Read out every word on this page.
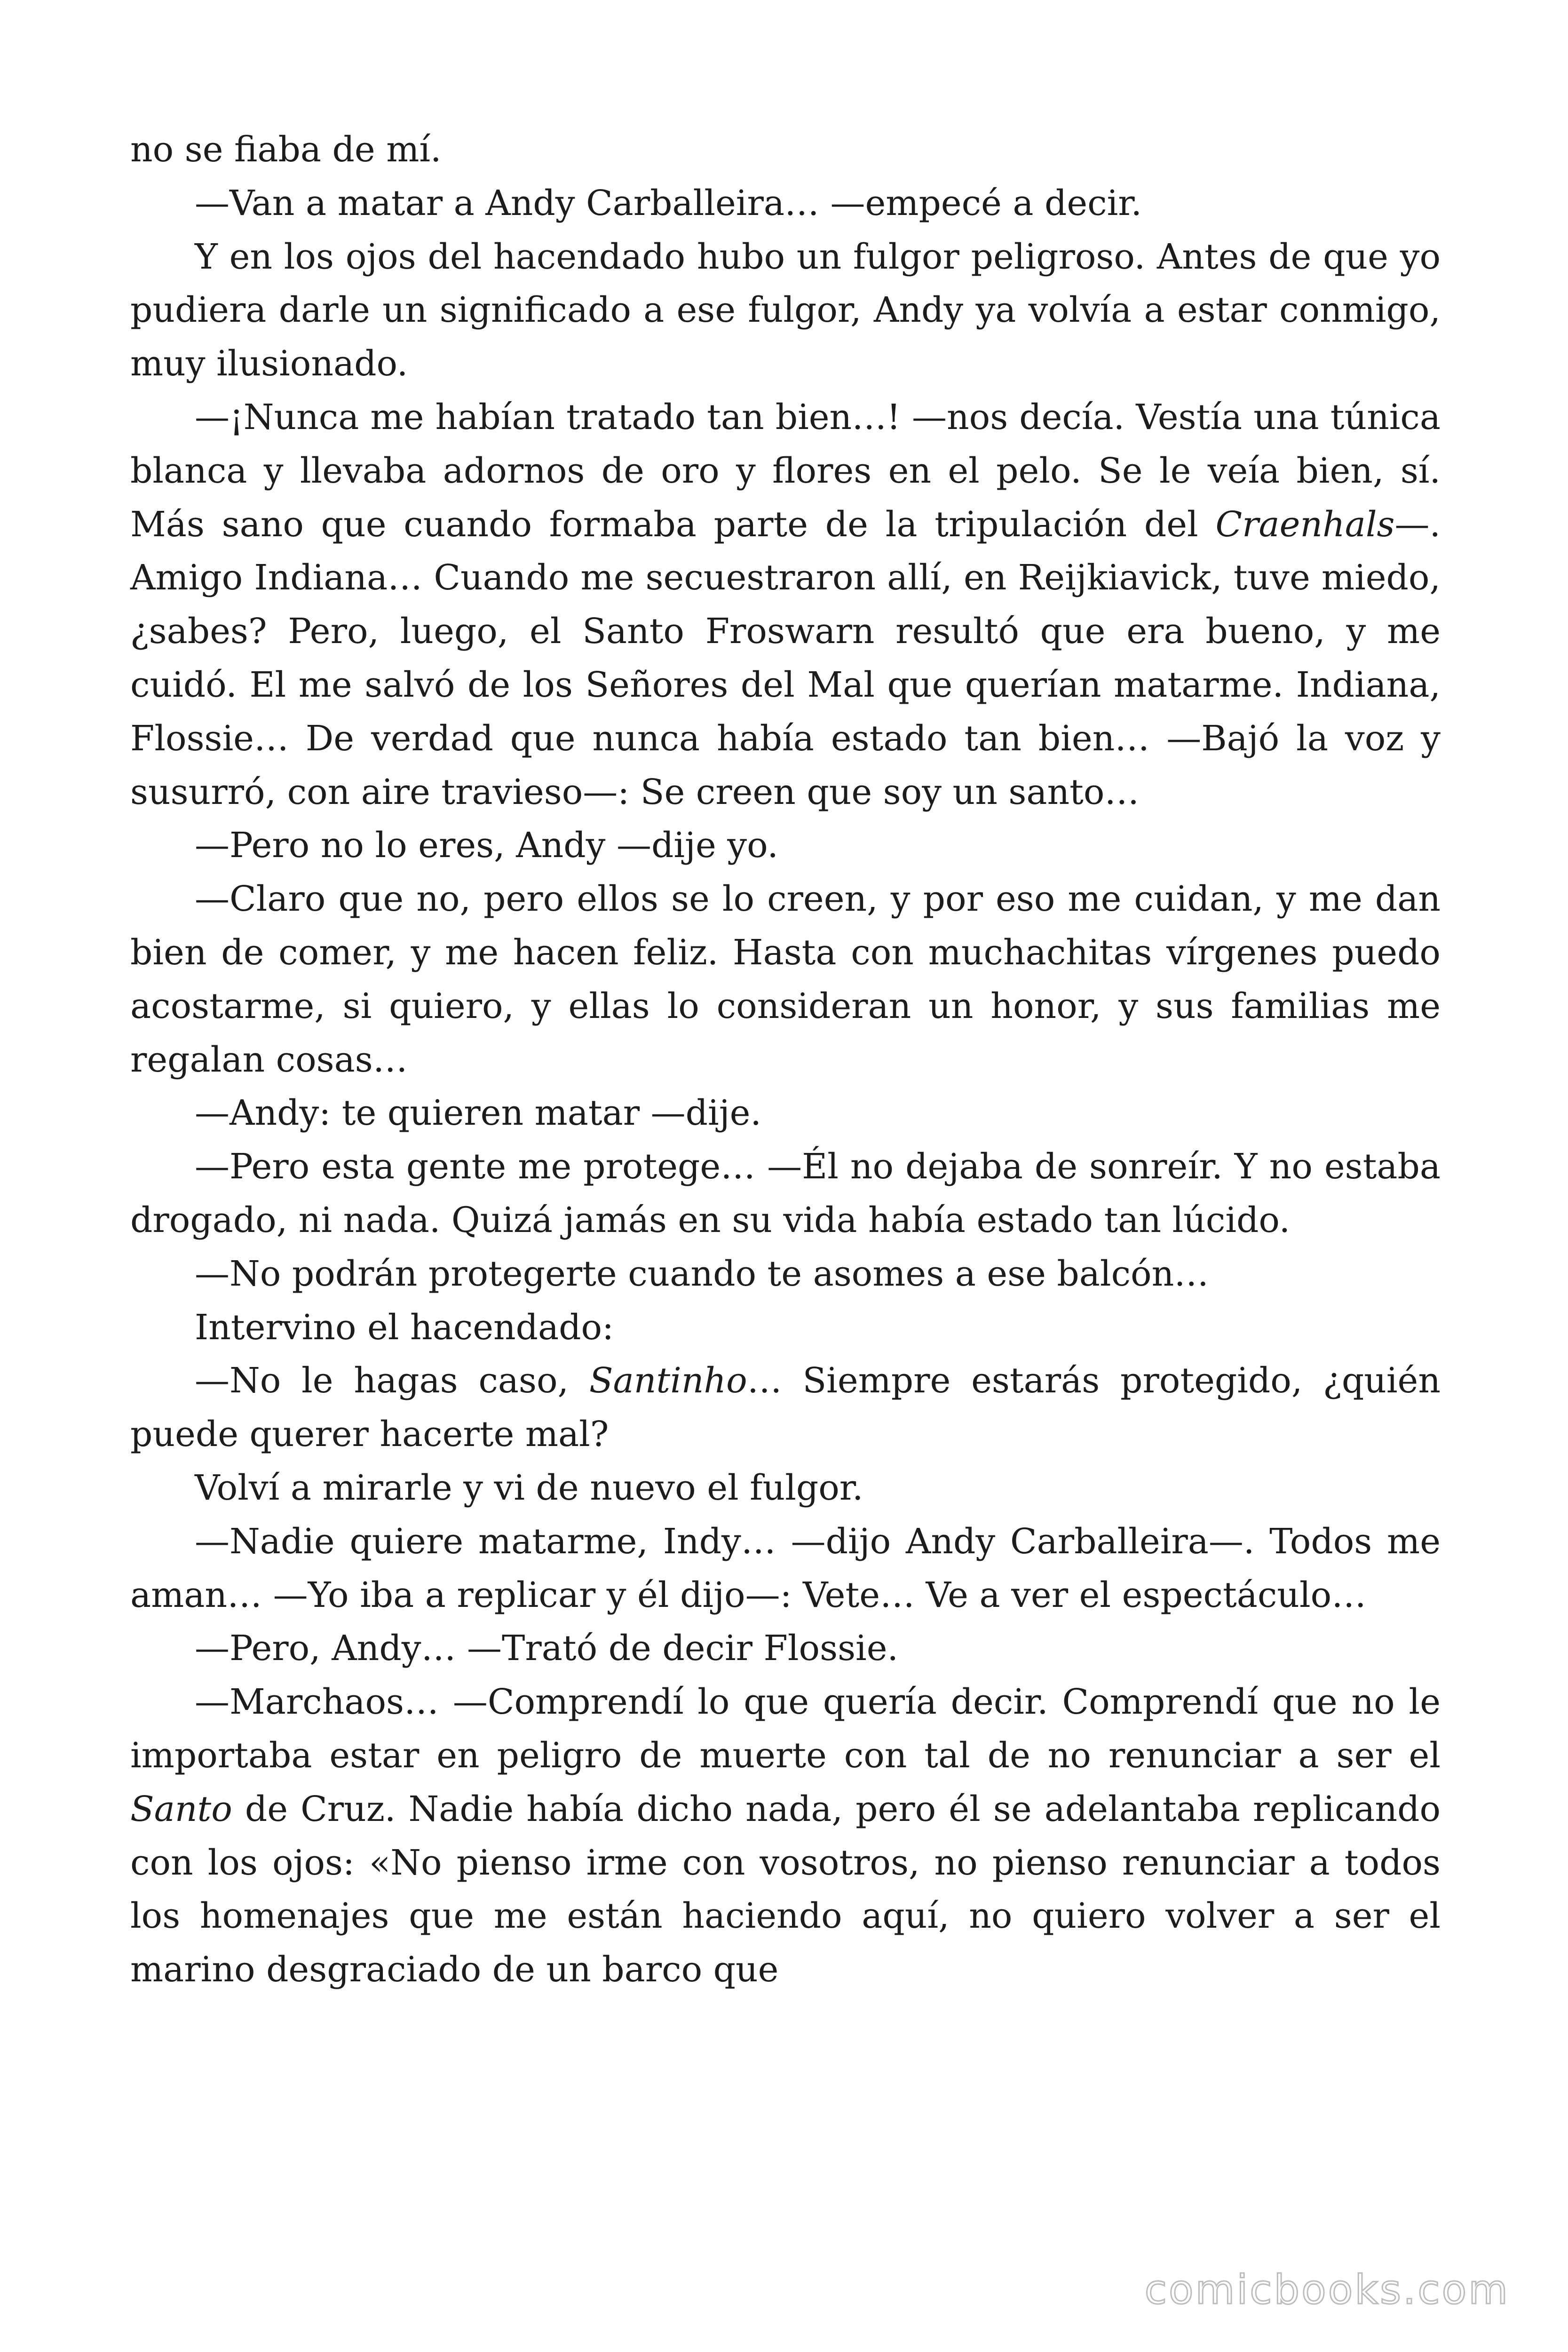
no se fiaba de mí.

—Van a matar a Andy Carballeira… —empecé a decir.

Y en los ojos del hacendado hubo un fulgor peligroso. Antes de que yo pudiera darle un significado a ese fulgor, Andy ya volvía a estar conmigo, muy ilusionado.

—¡Nunca me habían tratado tan bien…! —nos decía. Vestía una túnica blanca y llevaba adornos de oro y flores en el pelo. Se le veía bien, sí. Más sano que cuando formaba parte de la tripulación del Craenhals—. Amigo Indiana… Cuando me secuestraron allí, en Reijkiavick, tuve miedo, ¿sabes? Pero, luego, el Santo Froswarn resultó que era bueno, y me cuidó. El me salvó de los Señores del Mal que querían matarme. Indiana, Flossie… De verdad que nunca había estado tan bien… —Bajó la voz y susurró, con aire travieso—: Se creen que soy un santo…

—Pero no lo eres, Andy —dije yo.

—Claro que no, pero ellos se lo creen, y por eso me cuidan, y me dan bien de comer, y me hacen feliz. Hasta con muchachitas vírgenes puedo acostarme, si quiero, y ellas lo consideran un honor, y sus familias me regalan cosas…

—Andy: te quieren matar —dije.

—Pero esta gente me protege… —Él no dejaba de sonreír. Y no estaba drogado, ni nada. Quizá jamás en su vida había estado tan lúcido.

—No podrán protegerte cuando te asomes a ese balcón…

Intervino el hacendado:

—No le hagas caso, Santinho… Siempre estarás protegido, ¿quién puede querer hacerte mal?

Volví a mirarle y vi de nuevo el fulgor.

—Nadie quiere matarme, Indy… —dijo Andy Carballeira—. Todos me aman… —Yo iba a replicar y él dijo—: Vete… Ve a ver el espectáculo…

—Pero, Andy… —Trató de decir Flossie.

—Marchaos… —Comprendí lo que quería decir. Comprendí que no le importaba estar en peligro de muerte con tal de no renunciar a ser el Santo de Cruz. Nadie había dicho nada, pero él se adelantaba replicando con los ojos: «No pienso irme con vosotros, no pienso renunciar a todos los homenajes que me están haciendo aquí, no quiero volver a ser el marino desgraciado de un barco que

comicbooks.com
